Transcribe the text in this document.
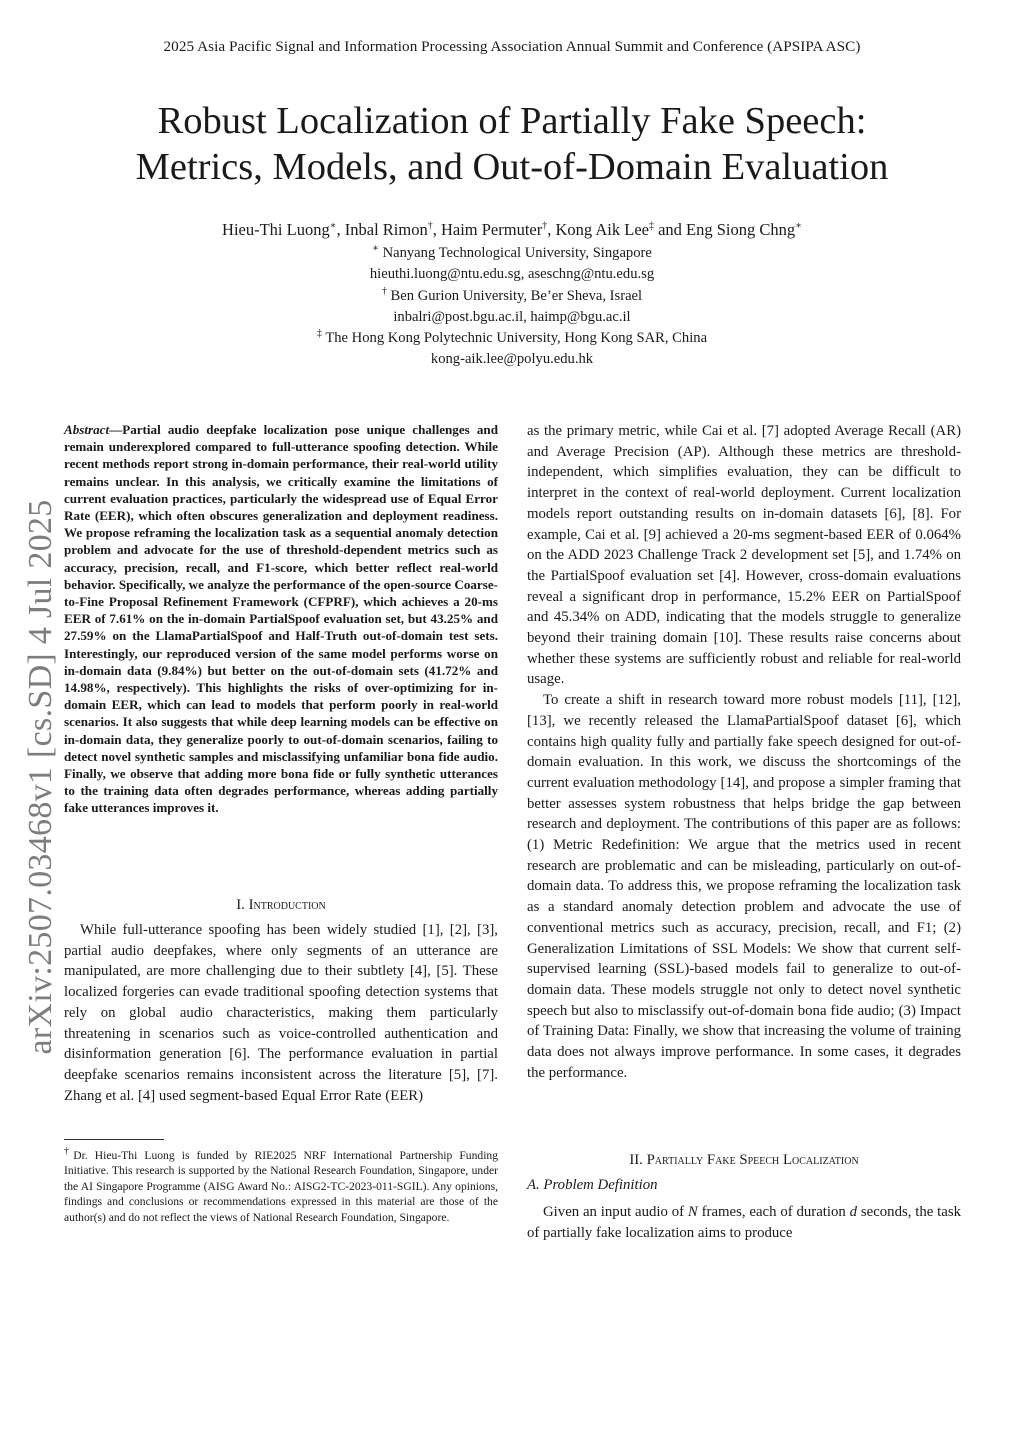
2025 Asia Pacific Signal and Information Processing Association Annual Summit and Conference (APSIPA ASC)
Robust Localization of Partially Fake Speech:
Metrics, Models, and Out-of-Domain Evaluation
Hieu-Thi Luong∗, Inbal Rimon†, Haim Permuter†, Kong Aik Lee‡ and Eng Siong Chng∗
∗ Nanyang Technological University, Singapore
hieuthi.luong@ntu.edu.sg, aseschng@ntu.edu.sg
† Ben Gurion University, Be’er Sheva, Israel
inbalri@post.bgu.ac.il, haimp@bgu.ac.il
‡ The Hong Kong Polytechnic University, Hong Kong SAR, China
kong-aik.lee@polyu.edu.hk
arXiv:2507.03468v1 [cs.SD] 4 Jul 2025
Abstract—Partial audio deepfake localization pose unique challenges and remain underexplored compared to full-utterance spoofing detection. While recent methods report strong in-domain performance, their real-world utility remains unclear. In this analysis, we critically examine the limitations of current evaluation practices, particularly the widespread use of Equal Error Rate (EER), which often obscures generalization and deployment readiness. We propose reframing the localization task as a sequential anomaly detection problem and advocate for the use of threshold-dependent metrics such as accuracy, precision, recall, and F1-score, which better reflect real-world behavior. Specifically, we analyze the performance of the open-source Coarse-to-Fine Proposal Refinement Framework (CFPRF), which achieves a 20-ms EER of 7.61% on the in-domain PartialSpoof evaluation set, but 43.25% and 27.59% on the LlamaPartialSpoof and Half-Truth out-of-domain test sets. Interestingly, our reproduced version of the same model performs worse on in-domain data (9.84%) but better on the out-of-domain sets (41.72% and 14.98%, respectively). This highlights the risks of over-optimizing for in-domain EER, which can lead to models that perform poorly in real-world scenarios. It also suggests that while deep learning models can be effective on in-domain data, they generalize poorly to out-of-domain scenarios, failing to detect novel synthetic samples and misclassifying unfamiliar bona fide audio. Finally, we observe that adding more bona fide or fully synthetic utterances to the training data often degrades performance, whereas adding partially fake utterances improves it.
I. Introduction

While full-utterance spoofing has been widely studied [1], [2], [3], partial audio deepfakes, where only segments of an utterance are manipulated, are more challenging due to their subtlety [4], [5]. These localized forgeries can evade traditional spoofing detection systems that rely on global audio characteristics, making them particularly threatening in scenarios such as voice-controlled authentication and disinformation generation [6]. The performance evaluation in partial deepfake scenarios remains inconsistent across the literature [5], [7]. Zhang et al. [4] used segment-based Equal Error Rate (EER)

†Dr. Hieu-Thi Luong is funded by RIE2025 NRF International Partnership Funding Initiative. This research is supported by the National Research Foundation, Singapore, under the AI Singapore Programme (AISG Award No.: AISG2-TC-2023-011-SGIL). Any opinions, findings and conclusions or recommendations expressed in this material are those of the author(s) and do not reflect the views of National Research Foundation, Singapore.

as the primary metric, while Cai et al. [7] adopted Average Recall (AR) and Average Precision (AP). Although these metrics are threshold-independent, which simplifies evaluation, they can be difficult to interpret in the context of real-world deployment. Current localization models report outstanding results on in-domain datasets [6], [8]. For example, Cai et al. [9] achieved a 20-ms segment-based EER of 0.064% on the ADD 2023 Challenge Track 2 development set [5], and 1.74% on the PartialSpoof evaluation set [4]. However, cross-domain evaluations reveal a significant drop in performance, 15.2% EER on PartialSpoof and 45.34% on ADD, indicating that the models struggle to generalize beyond their training domain [10]. These results raise concerns about whether these systems are sufficiently robust and reliable for real-world usage.

To create a shift in research toward more robust models [11], [12], [13], we recently released the LlamaPartialSpoof dataset [6], which contains high quality fully and partially fake speech designed for out-of-domain evaluation. In this work, we discuss the shortcomings of the current evaluation methodology [14], and propose a simpler framing that better assesses system robustness that helps bridge the gap between research and deployment. The contributions of this paper are as follows: (1) Metric Redefinition: We argue that the metrics used in recent research are problematic and can be misleading, particularly on out-of-domain data. To address this, we propose reframing the localization task as a standard anomaly detection problem and advocate the use of conventional metrics such as accuracy, precision, recall, and F1; (2) Generalization Limitations of SSL Models: We show that current self-supervised learning (SSL)-based models fail to generalize to out-of-domain data. These models struggle not only to detect novel synthetic speech but also to misclassify out-of-domain bona fide audio; (3) Impact of Training Data: Finally, we show that increasing the volume of training data does not always improve performance. In some cases, it degrades the performance.

II. Partially Fake Speech Localization
A. Problem Definition

Given an input audio of N frames, each of duration d seconds, the task of partially fake localization aims to produce
